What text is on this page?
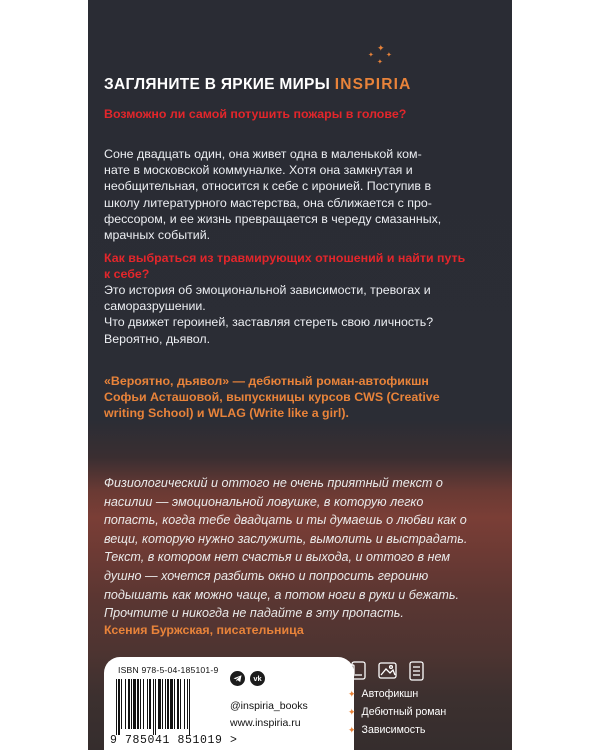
✦
✦ ✦
✦
ЗАГЛЯНИТЕ В ЯРКИЕ МИРЫ INSPIRIA
Возможно ли самой потушить пожары в голове?
Соне двадцать один, она живет одна в маленькой ком-
нате в московской коммуналке. Хотя она замкнутая и
необщительная, относится к себе с иронией. Поступив в
школу литературного мастерства, она сближается с про-
фессором, и ее жизнь превращается в череду смазанных,
мрачных событий.
Как выбраться из травмирующих отношений и найти путь
к себе?
Это история об эмоциональной зависимости, тревогах и
саморазрушении.
Что движет героиней, заставляя стереть свою личность?
Вероятно, дьявол.
«Вероятно, дьявол» — дебютный роман-автофикшн
Софьи Асташовой, выпускницы курсов CWS (Creative
writing School) и WLAG (Write like a girl).
Физиологический и оттого не очень приятный текст о
насилии — эмоциональной ловушке, в которую легко
попасть, когда тебе двадцать и ты думаешь о любви как о
вещи, которую нужно заслужить, вымолить и выстрадать.
Текст, в котором нет счастья и выхода, и оттого в нем
душно — хочется разбить окно и попросить героиню
подышать как можно чаще, а потом ноги в руки и бежать.
Прочтите и никогда не падайте в эту пропасть.
Ксения Буржская, писательница
ISBN 978-5-04-185101-9
9 785041 851019 >
vk
@inspiria_books
www.inspiria.ru
✦ Автофикшн
✦ Дебютный роман
✦ Зависимость
